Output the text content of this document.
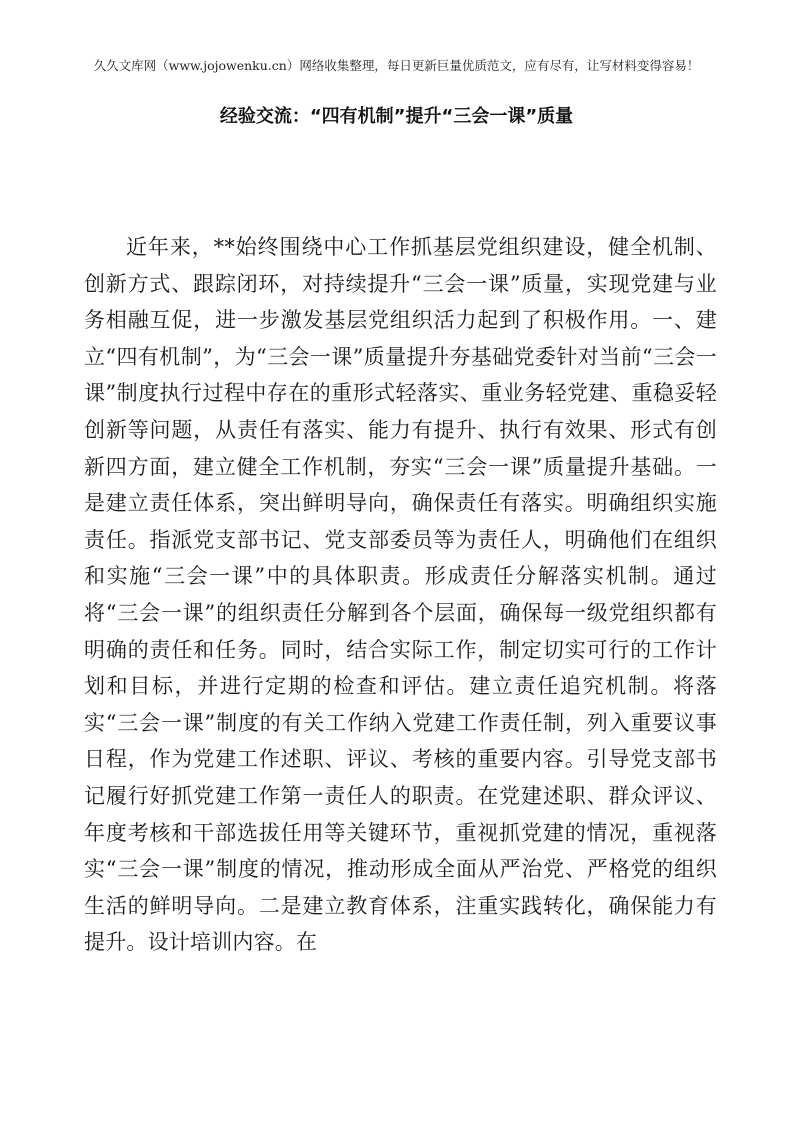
久久文库网（www.jojowenku.cn）网络收集整理，每日更新巨量优质范文，应有尽有，让写材料变得容易！
经验交流：“四有机制”提升“三会一课”质量

近年来，**始终围绕中心工作抓基层党组织建设，健全机制、创新方式、跟踪闭环，对持续提升“三会一课”质量，实现党建与业务相融互促，进一步激发基层党组织活力起到了积极作用。一、建立“四有机制”，为“三会一课”质量提升夯基础党委针对当前“三会一课”制度执行过程中存在的重形式轻落实、重业务轻党建、重稳妥轻创新等问题，从责任有落实、能力有提升、执行有效果、形式有创新四方面，建立健全工作机制，夯实“三会一课”质量提升基础。一是建立责任体系，突出鲜明导向，确保责任有落实。明确组织实施责任。指派党支部书记、党支部委员等为责任人，明确他们在组织和实施“三会一课”中的具体职责。形成责任分解落实机制。通过将“三会一课”的组织责任分解到各个层面，确保每一级党组织都有明确的责任和任务。同时，结合实际工作，制定切实可行的工作计划和目标，并进行定期的检查和评估。建立责任追究机制。将落实“三会一课”制度的有关工作纳入党建工作责任制，列入重要议事日程，作为党建工作述职、评议、考核的重要内容。引导党支部书记履行好抓党建工作第一责任人的职责。在党建述职、群众评议、年度考核和干部选拔任用等关键环节，重视抓党建的情况，重视落实“三会一课”制度的情况，推动形成全面从严治党、严格党的组织生活的鲜明导向。二是建立教育体系，注重实践转化，确保能力有提升。设计培训内容。在
